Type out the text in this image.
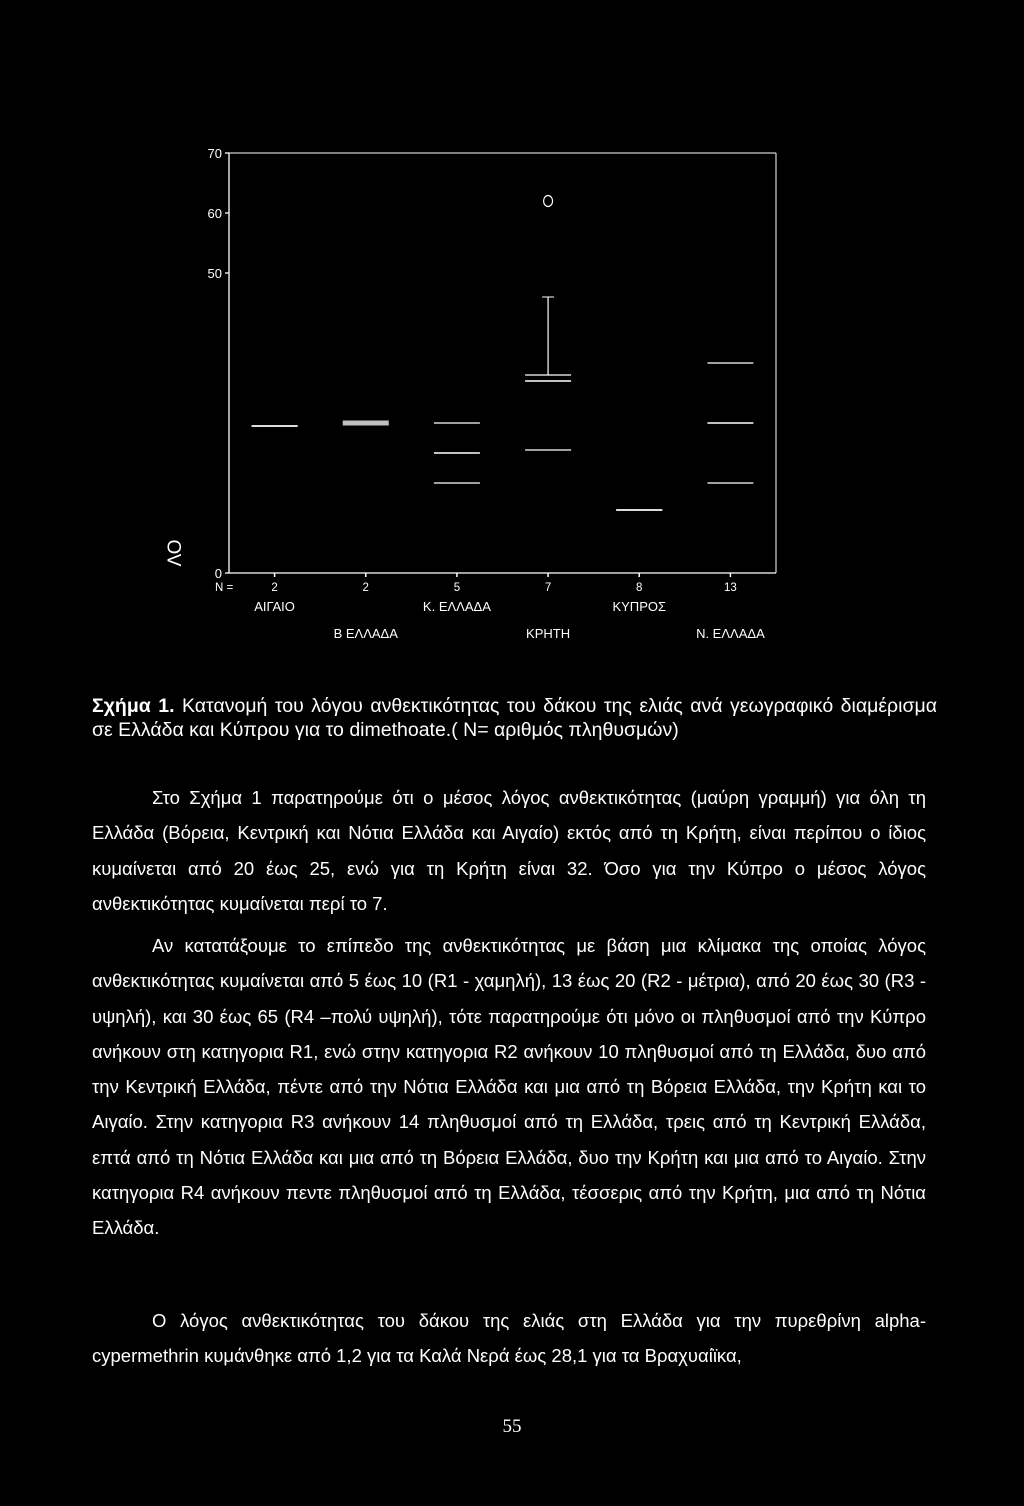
0
50
60
70
2
ΑΙΓΑΙΟ
2
Β ΕΛΛΑΔΑ
5
Κ. ΕΛΛΑΔΑ
7
ΚΡΗΤΗ
8
ΚΥΠΡΟΣ
13
Ν. ΕΛΛΑΔΑ
ΛΟ
N =

Σχήμα 1. Κατανομή του λόγου ανθεκτικότητας του δάκου της ελιάς ανά γεωγραφικό διαμέρισμα σε Ελλάδα και Κύπρου για το dimethoate.( N= αριθμός πληθυσμών)

Στο Σχήμα 1 παρατηρούμε ότι ο μέσος λόγος ανθεκτικότητας (μαύρη γραμμή) για όλη τη Ελλάδα (Βόρεια, Κεντρική και Νότια Ελλάδα και Αιγαίο) εκτός από τη Κρήτη, είναι περίπου ο ίδιος κυμαίνεται από 20 έως 25, ενώ για τη Κρήτη είναι 32. Όσο για την Κύπρο ο μέσος λόγος ανθεκτικότητας κυμαίνεται περί το 7.

Αν κατατάξουμε το επίπεδο της ανθεκτικότητας με βάση μια κλίμακα της οποίας λόγος ανθεκτικότητας κυμαίνεται από 5 έως 10 (R1 - χαμηλή), 13 έως 20 (R2 - μέτρια), από 20 έως 30 (R3 - υψηλή), και 30 έως 65 (R4 –πολύ υψηλή), τότε παρατηρούμε ότι μόνο οι πληθυσμοί από την Κύπρο ανήκουν στη κατηγορια R1, ενώ στην κατηγορια R2 ανήκουν 10 πληθυσμοί από τη Ελλάδα, δυο από την Κεντρική Ελλάδα, πέντε από την Νότια Ελλάδα και μια από τη Βόρεια Ελλάδα, την Κρήτη και το Αιγαίο. Στην κατηγορια R3 ανήκουν 14 πληθυσμοί από τη Ελλάδα, τρεις από τη Κεντρική Ελλάδα, επτά από τη Νότια Ελλάδα και μια από τη Βόρεια Ελλάδα, δυο την Κρήτη και μια από το Αιγαίο. Στην κατηγορια R4 ανήκουν πεντε πληθυσμοί από τη Ελλάδα, τέσσερις από την Κρήτη, μια από τη Νότια Ελλάδα.

Ο λόγος ανθεκτικότητας του δάκου της ελιάς στη Ελλάδα για την πυρεθρίνη alpha-cypermethrin κυμάνθηκε από 1,2 για τα Καλά Νερά έως 28,1 για τα Βραχυαίϊκα,

55
